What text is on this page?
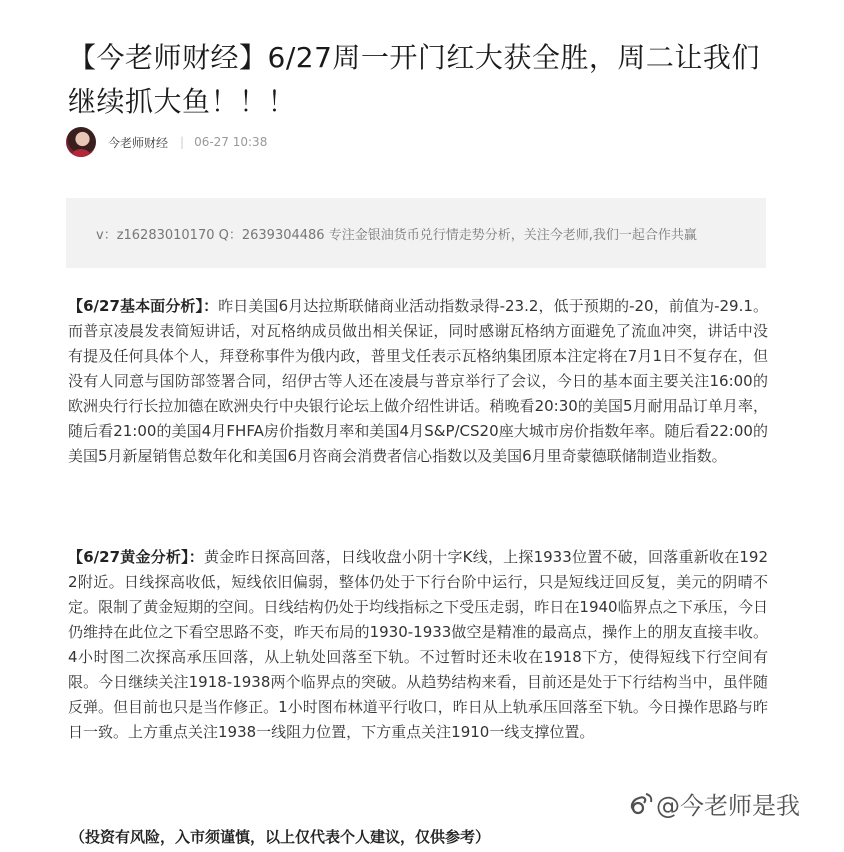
【今老师财经】6/27周一开门红大获全胜，周二让我们继续抓大鱼！！！
今老师财经 | 06-27 10:38
v：z16283010170 Q：2639304486 专注金银油货币兑行情走势分析，关注今老师,我们一起合作共赢

【6/27基本面分析】：昨日美国6月达拉斯联储商业活动指数录得-23.2，低于预期的-20，前值为-29.1。而普京凌晨发表简短讲话，对瓦格纳成员做出相关保证，同时感谢瓦格纳方面避免了流血冲突，讲话中没有提及任何具体个人，拜登称事件为俄内政，普里戈任表示瓦格纳集团原本注定将在7月1日不复存在，但没有人同意与国防部签署合同，绍伊古等人还在凌晨与普京举行了会议，今日的基本面主要关注16:00的欧洲央行行长拉加德在欧洲央行中央银行论坛上做介绍性讲话。稍晚看20:30的美国5月耐用品订单月率，随后看21:00的美国4月FHFA房价指数月率和美国4月S&P/CS20座大城市房价指数年率。随后看22:00的美国5月新屋销售总数年化和美国6月咨商会消费者信心指数以及美国6月里奇蒙德联储制造业指数。

【6/27黄金分析】：黄金昨日探高回落，日线收盘小阴十字K线，上探1933位置不破，回落重新收在1922附近。日线探高收低，短线依旧偏弱，整体仍处于下行台阶中运行，只是短线迂回反复，美元的阴晴不定。限制了黄金短期的空间。日线结构仍处于均线指标之下受压走弱，昨日在1940临界点之下承压，今日仍维持在此位之下看空思路不变，昨天布局的1930-1933做空是精准的最高点，操作上的朋友直接丰收。 4小时图二次探高承压回落，从上轨处回落至下轨。不过暂时还未收在1918下方，使得短线下行空间有限。今日继续关注1918-1938两个临界点的突破。从趋势结构来看，目前还是处于下行结构当中，虽伴随反弹。但目前也只是当作修正。1小时图布林道平行收口，昨日从上轨承压回落至下轨。今日操作思路与昨日一致。上方重点关注1938一线阻力位置，下方重点关注1910一线支撑位置。

（投资有风险，入市须谨慎，以上仅代表个人建议，仅供参考）

@今老师是我
